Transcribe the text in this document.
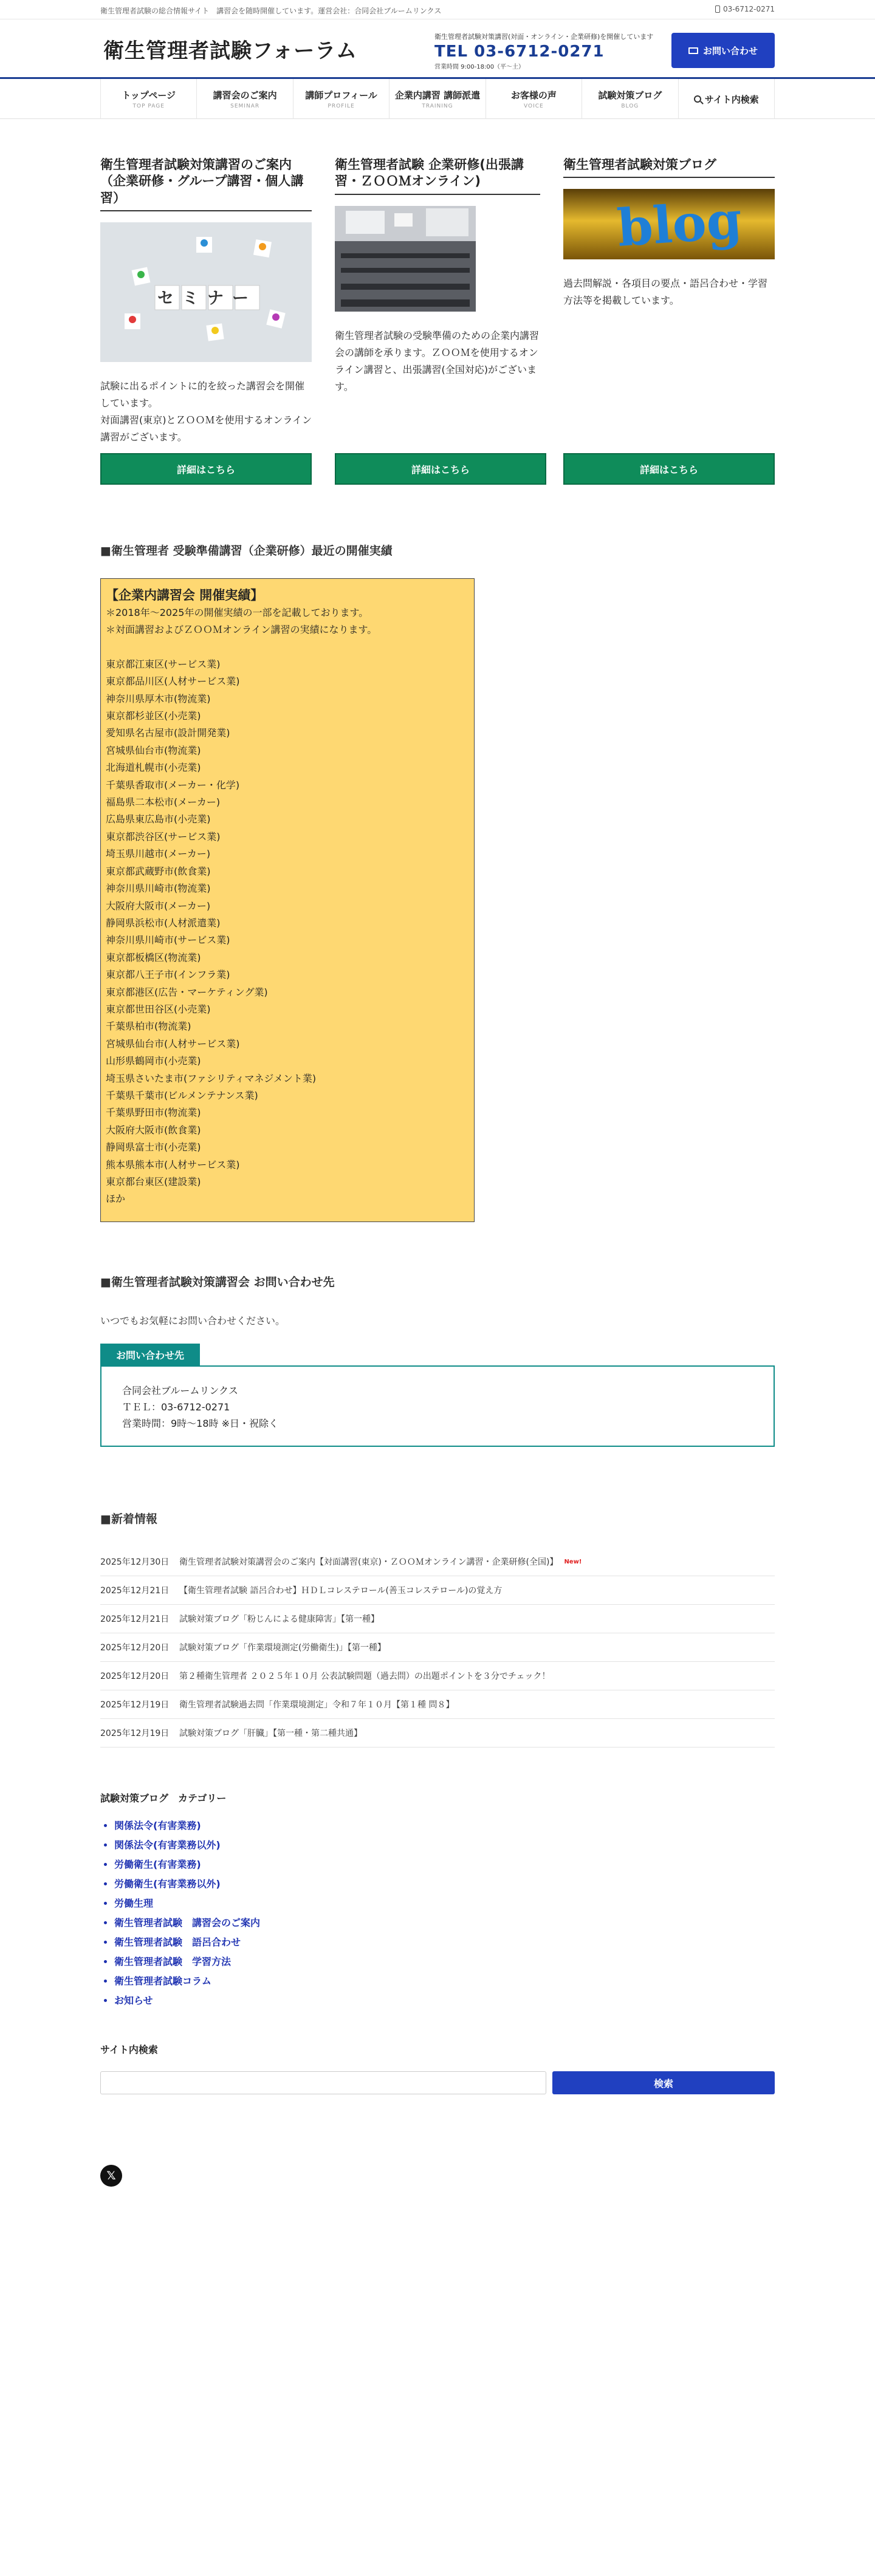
衛生管理者試験の総合情報サイト　講習会を随時開催しています。運営会社：合同会社ブルームリンクス	03-6712-0271
衛生管理者試験フォーラム
衛生管理者試験対策講習(対面・オンライン・企業研修)を開催しています
TEL 03-6712-0271
営業時間 9:00-18:00（平～土）
お問い合わせ
トップページ
TOP PAGE
講習会のご案内
SEMINAR
講師プロフィール
PROFILE
企業内講習 講師派遣
TRAINING
お客様の声
VOICE
試験対策ブログ
BLOG
サイト内検索
衛生管理者試験対策講習のご案内（企業研修・グループ講習・個人講習）
セミナー

試験に出るポイントに的を絞った講習会を開催しています。
対面講習(東京)とＺＯＯＭを使用するオンライン講習がございます。

詳細はこちら
衛生管理者試験 企業研修(出張講習・ＺＯＯＭオンライン)

衛生管理者試験の受験準備のための企業内講習会の講師を承ります。ＺＯＯＭを使用するオンライン講習と、出張講習(全国対応)がございます。

詳細はこちら
衛生管理者試験対策ブログ
blog

過去問解説・各項目の要点・語呂合わせ・学習方法等を掲載しています。

詳細はこちら
■衛生管理者 受験準備講習（企業研修）最近の開催実績
【企業内講習会 開催実績】
＊2018年～2025年の開催実績の一部を記載しております。
＊対面講習およびＺＯＯＭオンライン講習の実績になります。
東京都江東区(サービス業)
東京都品川区(人材サービス業)
神奈川県厚木市(物流業)
東京都杉並区(小売業)
愛知県名古屋市(設計開発業)
宮城県仙台市(物流業)
北海道札幌市(小売業)
千葉県香取市(メーカー・化学)
福島県二本松市(メーカー)
広島県東広島市(小売業)
東京都渋谷区(サービス業)
埼玉県川越市(メーカー)
東京都武蔵野市(飲食業)
神奈川県川崎市(物流業)
大阪府大阪市(メーカー)
静岡県浜松市(人材派遣業)
神奈川県川崎市(サービス業)
東京都板橋区(物流業)
東京都八王子市(インフラ業)
東京都港区(広告・マーケティング業)
東京都世田谷区(小売業)
千葉県柏市(物流業)
宮城県仙台市(人材サービス業)
山形県鶴岡市(小売業)
埼玉県さいたま市(ファシリティマネジメント業)
千葉県千葉市(ビルメンテナンス業)
千葉県野田市(物流業)
大阪府大阪市(飲食業)
静岡県富士市(小売業)
熊本県熊本市(人材サービス業)
東京都台東区(建設業)
ほか
■衛生管理者試験対策講習会 お問い合わせ先
いつでもお気軽にお問い合わせください。
お問い合わせ先
合同会社ブルームリンクス
ＴＥＬ：03-6712-0271
営業時間：9時～18時 ※日・祝除く
■新着情報
2025年12月30日	衛生管理者試験対策講習会のご案内【対面講習(東京)・ＺＯＯＭオンライン講習・企業研修(全国)】 New!
2025年12月21日	【衛生管理者試験 語呂合わせ】ＨＤＬコレステロール(善玉コレステロール)の覚え方
2025年12月21日	試験対策ブログ「粉じんによる健康障害」【第一種】
2025年12月20日	試験対策ブログ「作業環境測定(労働衛生)」【第一種】
2025年12月20日	第２種衛生管理者 ２０２５年１０月 公表試験問題（過去問）の出題ポイントを３分でチェック！
2025年12月19日	衛生管理者試験過去問「作業環境測定」令和７年１０月【第１種 問８】
2025年12月19日	試験対策ブログ「肝臓」【第一種・第二種共通】
試験対策ブログ　カテゴリー
• 関係法令(有害業務)
• 関係法令(有害業務以外)
• 労働衛生(有害業務)
• 労働衛生(有害業務以外)
• 労働生理
• 衛生管理者試験　講習会のご案内
• 衛生管理者試験　語呂合わせ
• 衛生管理者試験　学習方法
• 衛生管理者試験コラム
• お知らせ
サイト内検索
検索
𝕏
